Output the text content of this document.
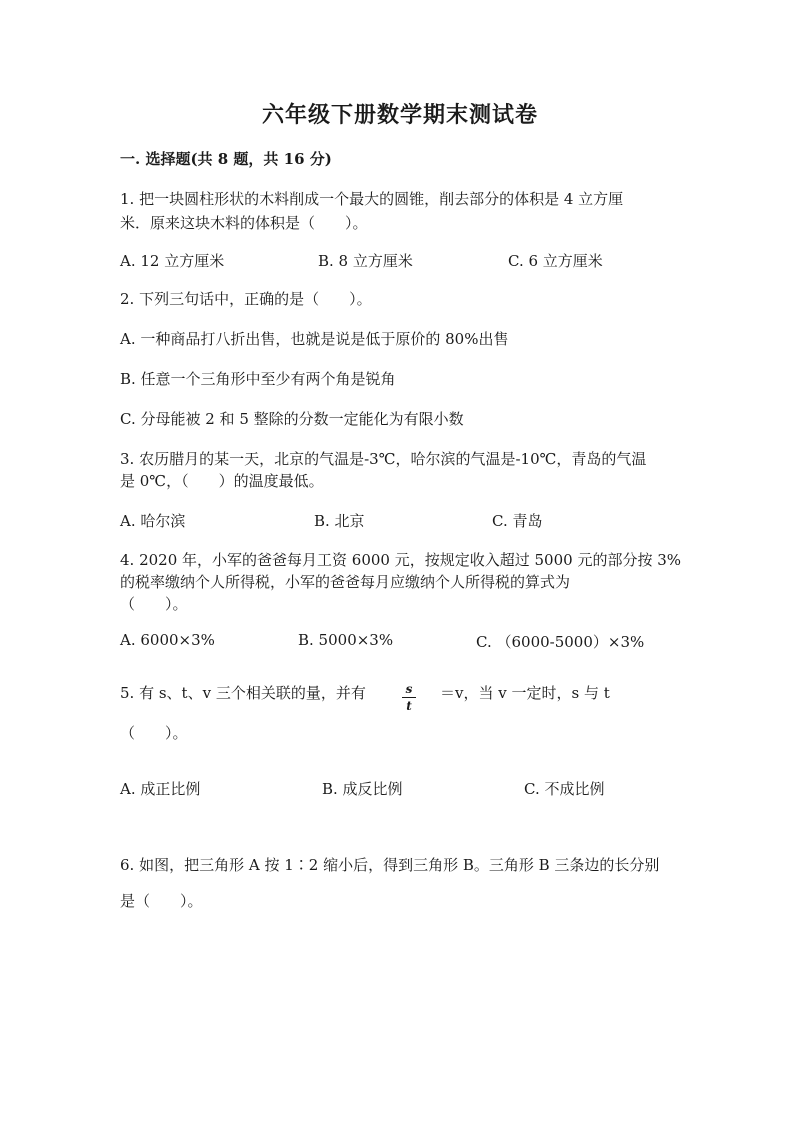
六年级下册数学期末测试卷
一. 选择题(共 8 题，共 16 分)
1. 把一块圆柱形状的木料削成一个最大的圆锥，削去部分的体积是 4 立方厘
米．原来这块木料的体积是（　　）。
A. 12 立方厘米	B. 8 立方厘米	C. 6 立方厘米
2. 下列三句话中，正确的是（　　）。
A. 一种商品打八折出售，也就是说是低于原价的 80%出售
B. 任意一个三角形中至少有两个角是锐角
C. 分母能被 2 和 5 整除的分数一定能化为有限小数
3. 农历腊月的某一天，北京的气温是-3℃，哈尔滨的气温是-10℃，青岛的气温
是 0℃，（　　）的温度最低。
A. 哈尔滨	B. 北京	C. 青岛
4. 2020 年，小军的爸爸每月工资 6000 元，按规定收入超过 5000 元的部分按 3%
的税率缴纳个人所得税，小军的爸爸每月应缴纳个人所得税的算式为
（　　）。
A. 6000×3%	B. 5000×3%	C. （6000-5000）×3%
5. 有 s、t、v 三个相关联的量，并有	$\frac{s}{t} =v$，当 v 一定时，s 与 t
（　　）。
A. 成正比例	B. 成反比例	C. 不成比例
6. 如图，把三角形 A 按 1∶2 缩小后，得到三角形 B。三角形 B 三条边的长分别
是（　　）。
